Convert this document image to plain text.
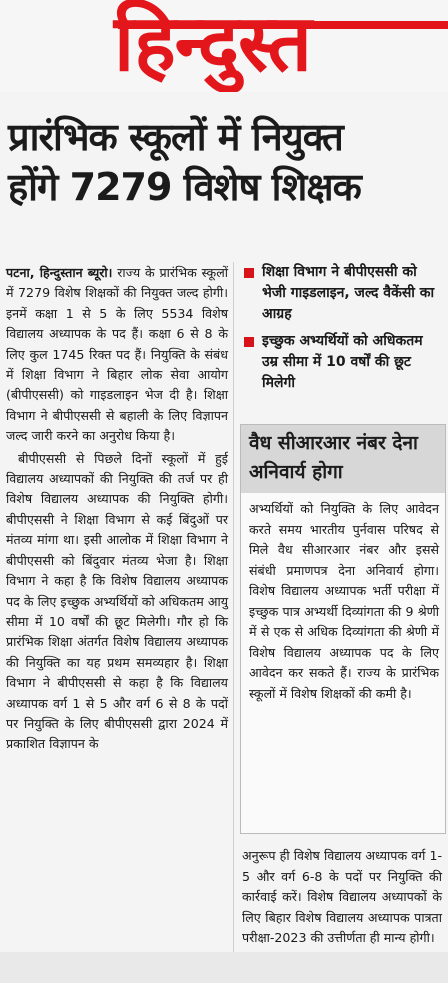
हिन्दुस्त
प्रारंभिक स्कूलों में नियुक्त
होंगे 7279 विशेष शिक्षक

पटना, हिन्दुस्तान ब्यूरो। राज्य के प्रारंभिक स्कूलों में 7279 विशेष शिक्षकों की नियुक्त जल्द होगी। इनमें कक्षा 1 से 5 के लिए 5534 विशेष विद्यालय अध्यापक के पद हैं। कक्षा 6 से 8 के लिए कुल 1745 रिक्त पद हैं। नियुक्ति के संबंध में शिक्षा विभाग ने बिहार लोक सेवा आयोग (बीपीएससी) को गाइडलाइन भेज दी है। शिक्षा विभाग ने बीपीएससी से बहाली के लिए विज्ञापन जल्द जारी करने का अनुरोध किया है।

बीपीएससी से पिछले दिनों स्कूलों में हुई विद्यालय अध्यापकों की नियुक्ति की तर्ज पर ही विशेष विद्यालय अध्यापक की नियुक्ति होगी। बीपीएससी ने शिक्षा विभाग से कई बिंदुओं पर मंतव्य मांगा था। इसी आलोक में शिक्षा विभाग ने बीपीएससी को बिंदुवार मंतव्य भेजा है। शिक्षा विभाग ने कहा है कि विशेष विद्यालय अध्यापक पद के लिए इच्छुक अभ्यर्थियों को अधिकतम आयु सीमा में 10 वर्षों की छूट मिलेगी। गौर हो कि प्रारंभिक शिक्षा अंतर्गत विशेष विद्यालय अध्यापक की नियुक्ति का यह प्रथम समव्यहार है। शिक्षा विभाग ने बीपीएससी से कहा है कि विद्यालय अध्यापक वर्ग 1 से 5 और वर्ग 6 से 8 के पदों पर नियुक्ति के लिए बीपीएससी द्वारा 2024 में प्रकाशित विज्ञापन के

शिक्षा विभाग ने बीपीएससी को भेजी गाइडलाइन, जल्द वैकेंसी का आग्रह
इच्छुक अभ्यर्थियों को अधिकतम उम्र सीमा में 10 वर्षों की छूट मिलेगी
वैध सीआरआर नंबर देना अनिवार्य होगा
अभ्यर्थियों को नियुक्ति के लिए आवेदन करते समय भारतीय पुर्नवास परिषद से मिले वैध सीआरआर नंबर और इससे संबंधी प्रमाणपत्र देना अनिवार्य होगा। विशेष विद्यालय अध्यापक भर्ती परीक्षा में इच्छुक पात्र अभ्यर्थी दिव्यांगता की 9 श्रेणी में से एक से अधिक दिव्यांगता की श्रेणी में विशेष विद्यालय अध्यापक पद के लिए आवेदन कर सकते हैं। राज्य के प्रारंभिक स्कूलों में विशेष शिक्षकों की कमी है।
अनुरूप ही विशेष विद्यालय अध्यापक वर्ग 1-5 और वर्ग 6-8 के पदों पर नियुक्ति की कार्रवाई करें। विशेष विद्यालय अध्यापकों के लिए बिहार विशेष विद्यालय अध्यापक पात्रता परीक्षा-2023 की उत्तीर्णता ही मान्य होगी।
